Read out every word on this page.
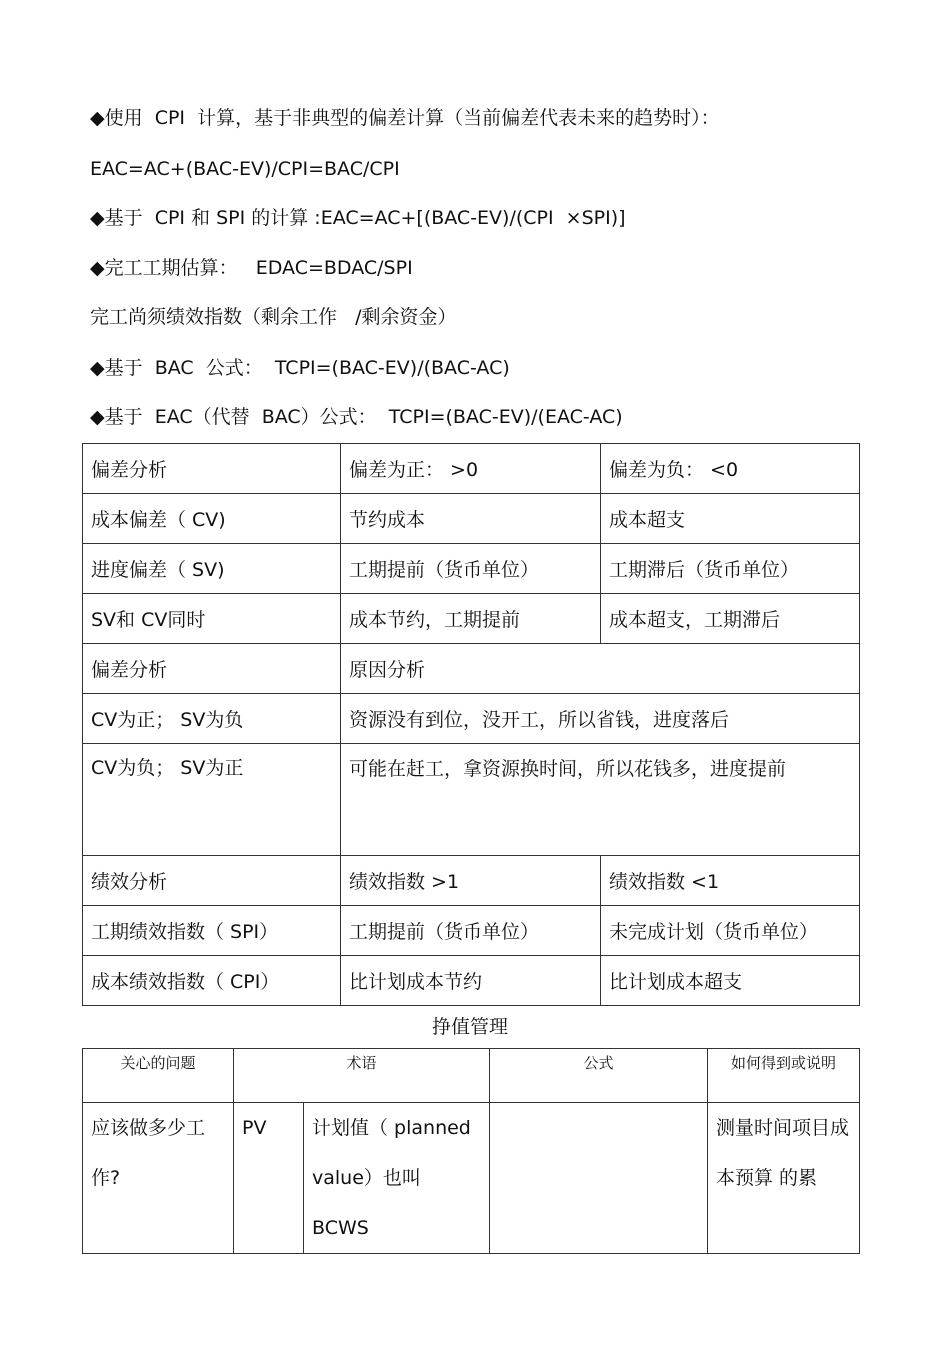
◆使用  CPI  计算，基于非典型的偏差计算（当前偏差代表未来的趋势时）：
EAC=AC+(BAC-EV)/CPI=BAC/CPI
◆基于  CPI 和 SPI 的计算 :EAC=AC+[(BAC-EV)/(CPI  ×SPI)]
◆完工工期估算：   EDAC=BDAC/SPI
完工尚须绩效指数（剩余工作   /剩余资金）
◆基于  BAC  公式：  TCPI=(BAC-EV)/(BAC-AC)
◆基于  EAC（代替  BAC）公式：  TCPI=(BAC-EV)/(EAC-AC)
偏差分析	偏差为正： >0	偏差为负： <0
成本偏差（ CV)	节约成本	成本超支
进度偏差（ SV)	工期提前（货币单位）	工期滞后（货币单位）
SV和 CV同时	成本节约，工期提前	成本超支，工期滞后
偏差分析	原因分析	
CV为正； SV为负	资源没有到位，没开工，所以省钱，进度落后	
CV为负； SV为正	可能在赶工，拿资源换时间，所以花钱多，进度提前	
绩效分析	绩效指数 >1	绩效指数 <1
工期绩效指数（ SPI）	工期提前（货币单位）	未完成计划（货币单位）
成本绩效指数（ CPI）	比计划成本节约	比计划成本超支
挣值管理
关心的问题	术语		公式	如何得到或说明
应该做多少工作?	PV	计划值（ planned value）也叫 BCWS		测量时间项目成本预算 的累
